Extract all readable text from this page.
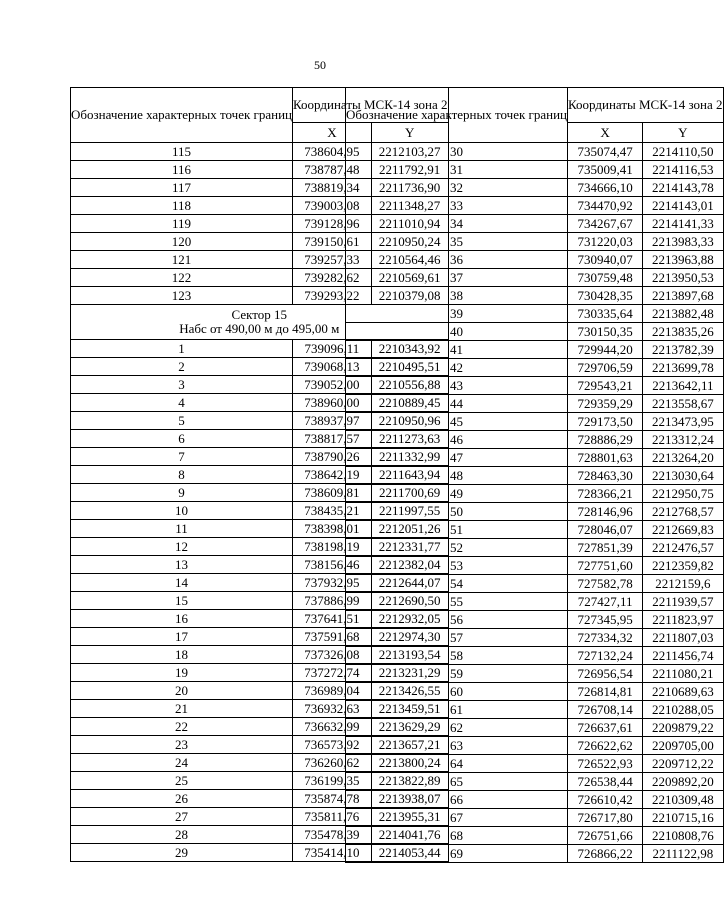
50
Обозначение характерных точек границ	Координаты МСК-14 зона 2	
	X	Y
115	738604,95	2212103,27
116	738787,48	2211792,91
117	738819,34	2211736,90
118	739003,08	2211348,27
119	739128,96	2211010,94
120	739150,61	2210950,24
121	739257,33	2210564,46
122	739282,62	2210569,61
123	739293,22	2210379,08

Сектор 15
Набс от 490,00 м до 495,00 м		

1	739096,11	2210343,92
2	739068,13	2210495,51
3	739052,00	2210556,88
4	738960,00	2210889,45
5	738937,97	2210950,96
6	738817,57	2211273,63
7	738790,26	2211332,99
8	738642,19	2211643,94
9	738609,81	2211700,69
10	738435,21	2211997,55
11	738398,01	2212051,26
12	738198,19	2212331,77
13	738156,46	2212382,04
14	737932,95	2212644,07
15	737886,99	2212690,50
16	737641,51	2212932,05
17	737591,68	2212974,30
18	737326,08	2213193,54
19	737272,74	2213231,29
20	736989,04	2213426,55
21	736932,63	2213459,51
22	736632,99	2213629,29
23	736573,92	2213657,21
24	736260,62	2213800,24
25	736199,35	2213822,89
26	735874,78	2213938,07
27	735811,76	2213955,31
28	735478,39	2214041,76
29	735414,10	2214053,44
Обозначение характерных точек границ	Координаты МСК-14 зона 2	
	X	Y
30	735074,47	2214110,50
31	735009,41	2214116,53
32	734666,10	2214143,78
33	734470,92	2214143,01
34	734267,67	2214141,33
35	731220,03	2213983,33
36	730940,07	2213963,88
37	730759,48	2213950,53
38	730428,35	2213897,68
39	730335,64	2213882,48
40	730150,35	2213835,26
41	729944,20	2213782,39
42	729706,59	2213699,78
43	729543,21	2213642,11
44	729359,29	2213558,67
45	729173,50	2213473,95
46	728886,29	2213312,24
47	728801,63	2213264,20
48	728463,30	2213030,64
49	728366,21	2212950,75
50	728146,96	2212768,57
51	728046,07	2212669,83
52	727851,39	2212476,57
53	727751,60	2212359,82
54	727582,78	2212159,6
55	727427,11	2211939,57
56	727345,95	2211823,97
57	727334,32	2211807,03
58	727132,24	2211456,74
59	726956,54	2211080,21
60	726814,81	2210689,63
61	726708,14	2210288,05
62	726637,61	2209879,22
63	726622,62	2209705,00
64	726522,93	2209712,22
65	726538,44	2209892,20
66	726610,42	2210309,48
67	726717,80	2210715,16
68	726751,66	2210808,76
69	726866,22	2211122,98
